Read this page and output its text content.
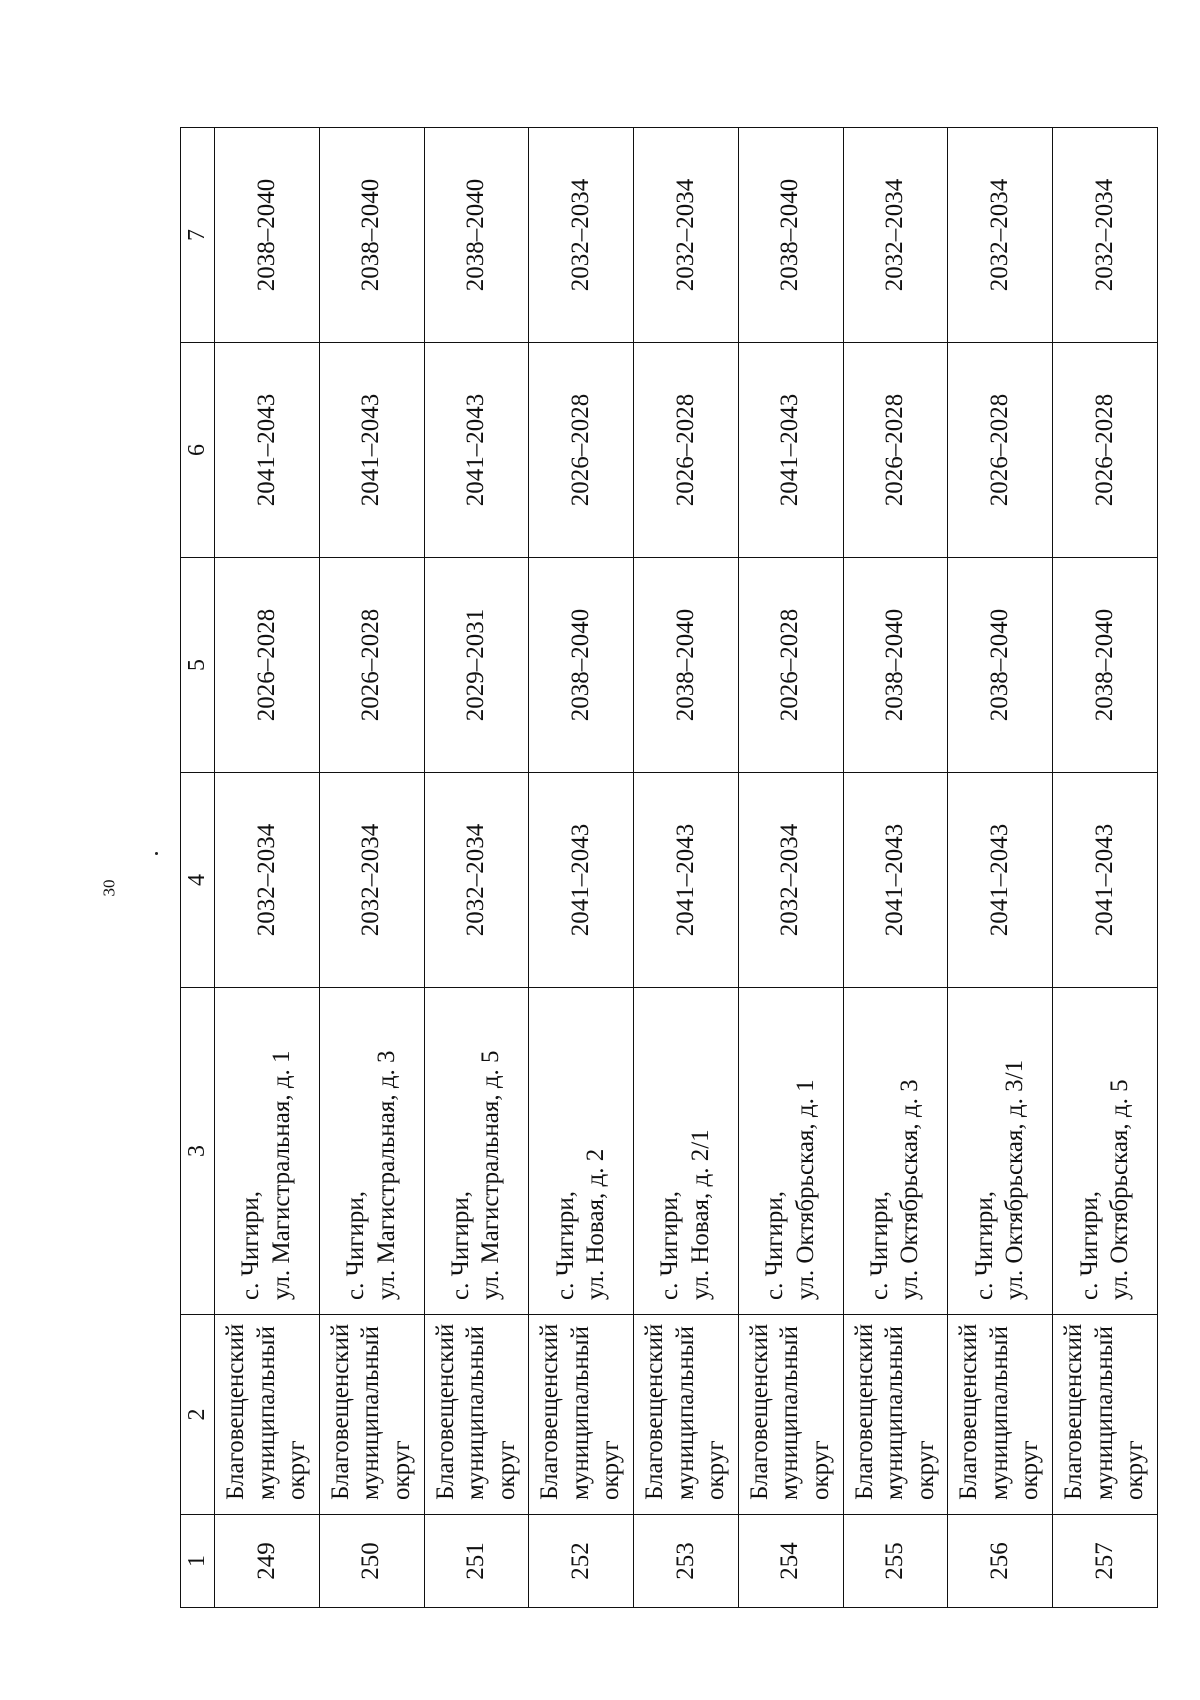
30
1	2	3	4	5	6	7
249	Благовещенский муниципальный округ	с. Чигири, ул. Магистральная, д. 1	2032–2034	2026–2028	2041–2043	2038–2040
250	Благовещенский муниципальный округ	с. Чигири, ул. Магистральная, д. 3	2032–2034	2026–2028	2041–2043	2038–2040
251	Благовещенский муниципальный округ	с. Чигири, ул. Магистральная, д. 5	2032–2034	2029–2031	2041–2043	2038–2040
252	Благовещенский муниципальный округ	с. Чигири, ул. Новая, д. 2	2041–2043	2038–2040	2026–2028	2032–2034
253	Благовещенский муниципальный округ	с. Чигири, ул. Новая, д. 2/1	2041–2043	2038–2040	2026–2028	2032–2034
254	Благовещенский муниципальный округ	с. Чигири, ул. Октябрьская, д. 1	2032–2034	2026–2028	2041–2043	2038–2040
255	Благовещенский муниципальный округ	с. Чигири, ул. Октябрьская, д. 3	2041–2043	2038–2040	2026–2028	2032–2034
256	Благовещенский муниципальный округ	с. Чигири, ул. Октябрьская, д. 3/1	2041–2043	2038–2040	2026–2028	2032–2034
257	Благовещенский муниципальный округ	с. Чигири, ул. Октябрьская, д. 5	2041–2043	2038–2040	2026–2028	2032–2034
